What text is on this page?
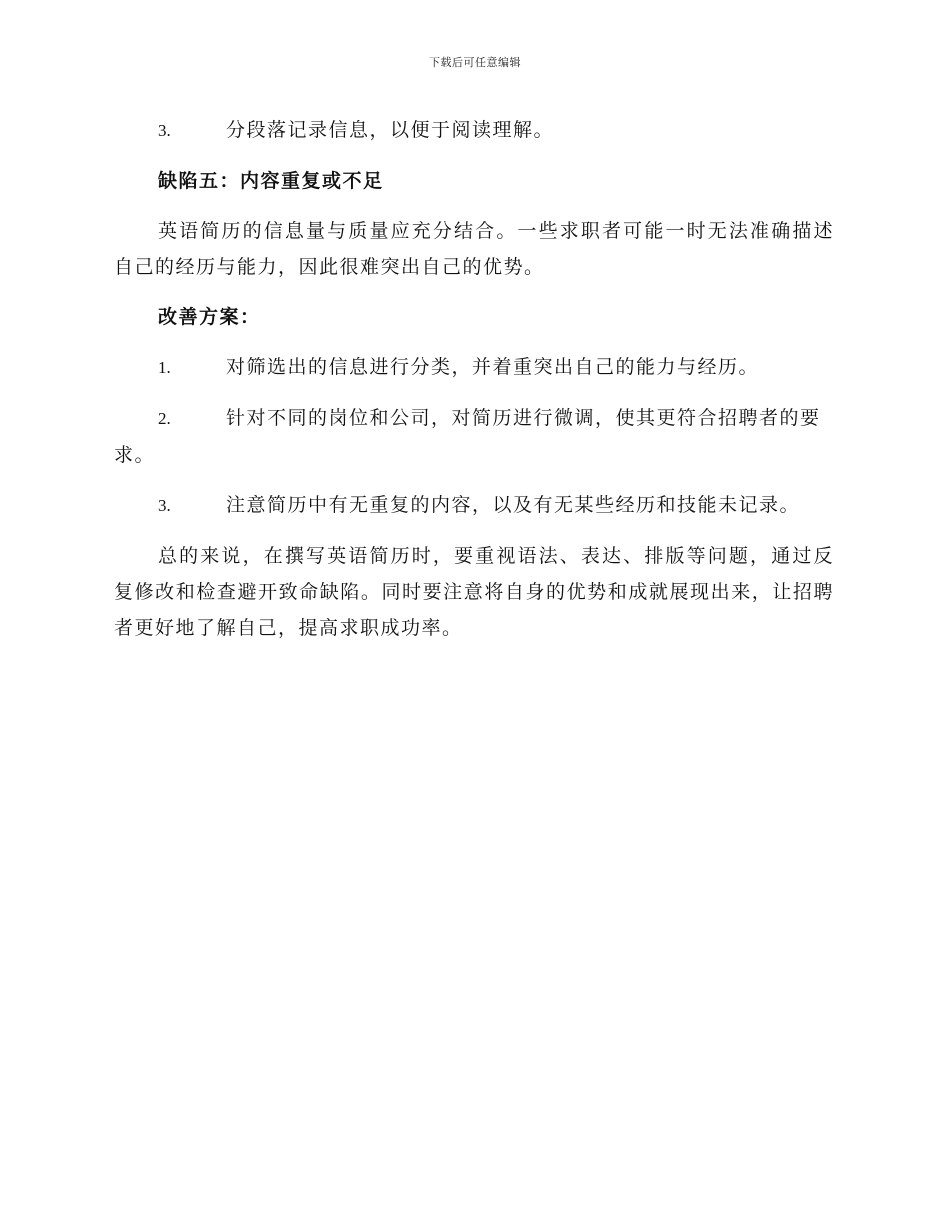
下载后可任意编辑
3.	分段落记录信息，以便于阅读理解。
缺陷五：内容重复或不足
英语简历的信息量与质量应充分结合。一些求职者可能一时无法准确描述自己的经历与能力，因此很难突出自己的优势。
改善方案：
1.	对筛选出的信息进行分类，并着重突出自己的能力与经历。
2.	针对不同的岗位和公司，对简历进行微调，使其更符合招聘者的要求。
3.	注意简历中有无重复的内容，以及有无某些经历和技能未记录。
总的来说，在撰写英语简历时，要重视语法、表达、排版等问题，通过反复修改和检查避开致命缺陷。同时要注意将自身的优势和成就展现出来，让招聘者更好地了解自己，提高求职成功率。
